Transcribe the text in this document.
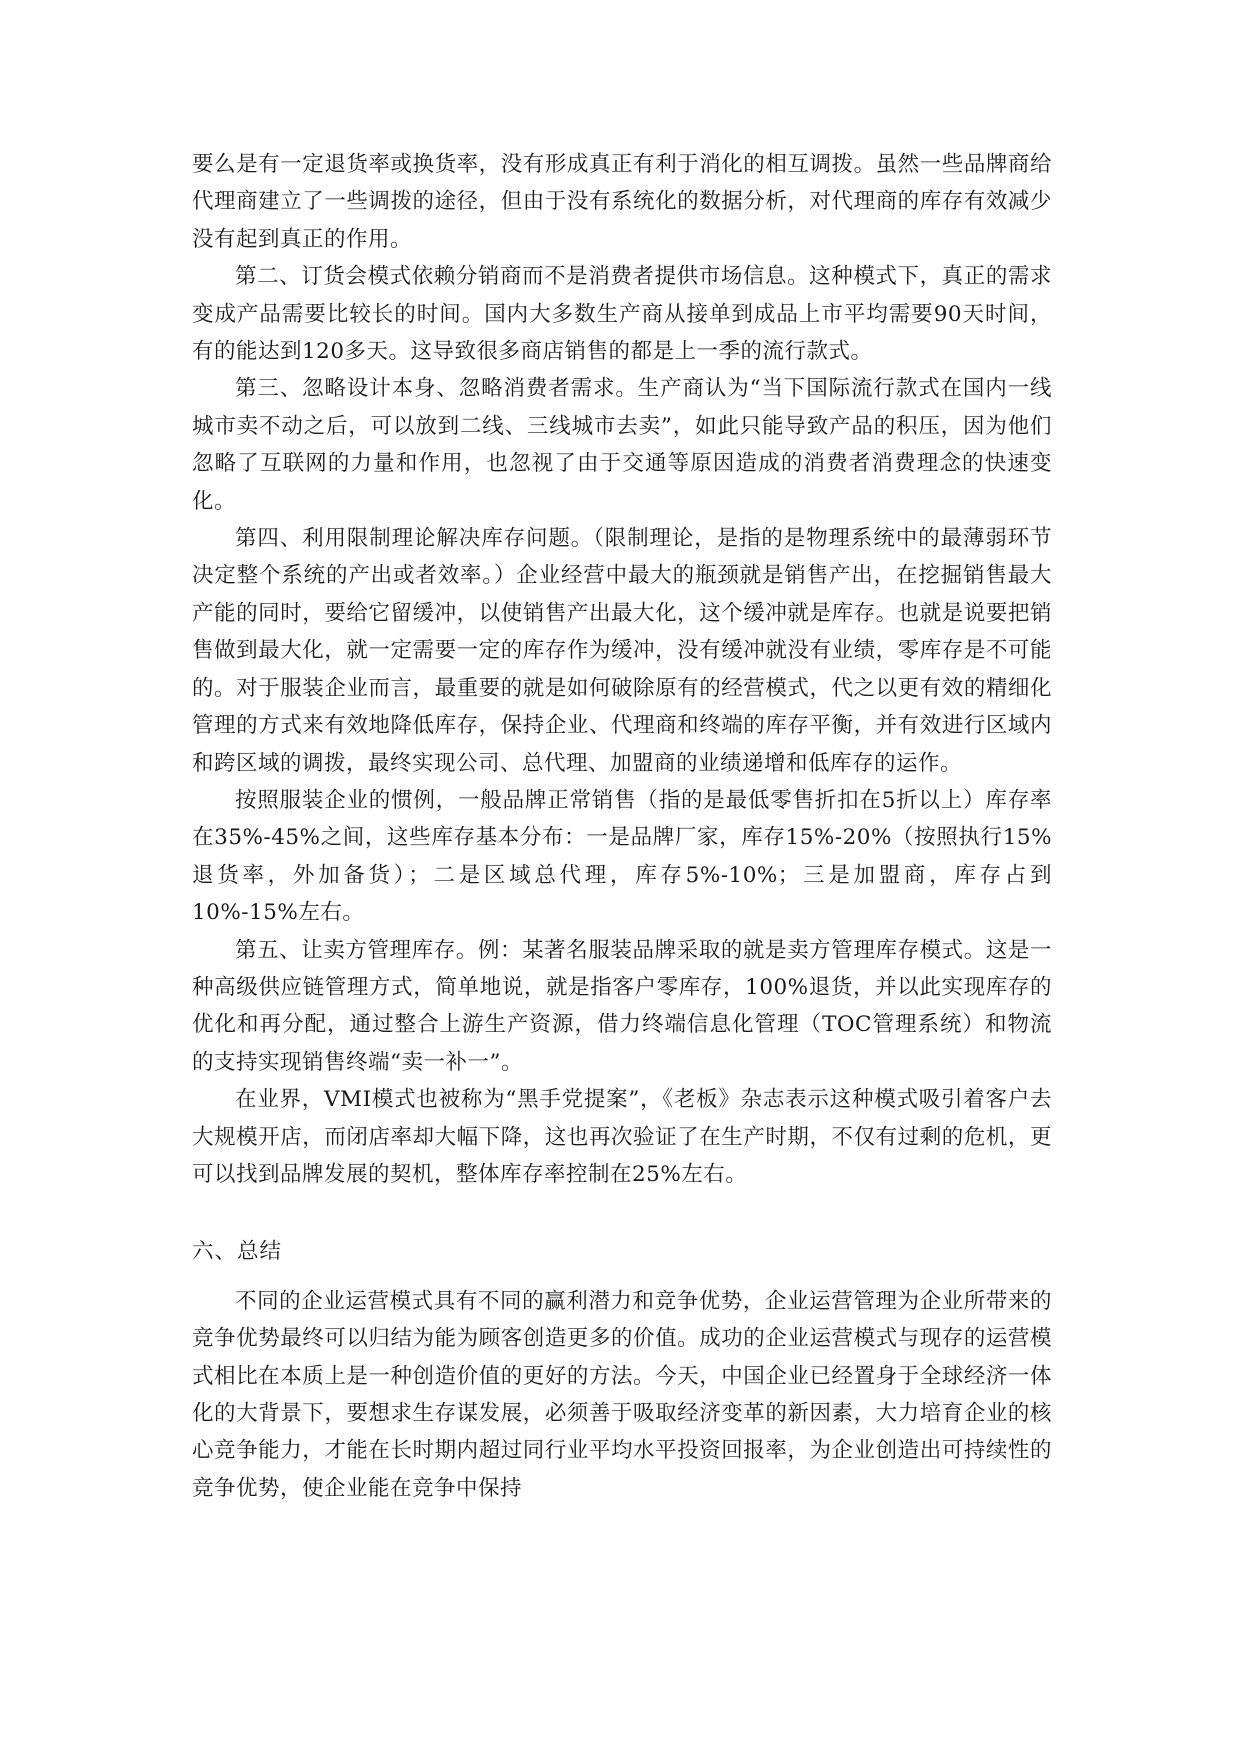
要么是有一定退货率或换货率，没有形成真正有利于消化的相互调拨。虽然一些品牌商给代理商建立了一些调拨的途径，但由于没有系统化的数据分析，对代理商的库存有效减少没有起到真正的作用。

第二、订货会模式依赖分销商而不是消费者提供市场信息。这种模式下，真正的需求变成产品需要比较长的时间。国内大多数生产商从接单到成品上市平均需要90天时间，有的能达到120多天。这导致很多商店销售的都是上一季的流行款式。

第三、忽略设计本身、忽略消费者需求。生产商认为“当下国际流行款式在国内一线城市卖不动之后，可以放到二线、三线城市去卖”，如此只能导致产品的积压，因为他们忽略了互联网的力量和作用，也忽视了由于交通等原因造成的消费者消费理念的快速变化。

第四、利用限制理论解决库存问题。（限制理论，是指的是物理系统中的最薄弱环节决定整个系统的产出或者效率。）企业经营中最大的瓶颈就是销售产出，在挖掘销售最大产能的同时，要给它留缓冲，以使销售产出最大化，这个缓冲就是库存。也就是说要把销售做到最大化，就一定需要一定的库存作为缓冲，没有缓冲就没有业绩，零库存是不可能的。对于服装企业而言，最重要的就是如何破除原有的经营模式，代之以更有效的精细化管理的方式来有效地降低库存，保持企业、代理商和终端的库存平衡，并有效进行区域内和跨区域的调拨，最终实现公司、总代理、加盟商的业绩递增和低库存的运作。

按照服装企业的惯例，一般品牌正常销售（指的是最低零售折扣在5折以上）库存率在35%-45%之间，这些库存基本分布：一是品牌厂家，库存15%-20%（按照执行15%退货率，外加备货）；二是区域总代理，库存5%-10%；三是加盟商，库存占到10%-15%左右。

第五、让卖方管理库存。例：某著名服装品牌采取的就是卖方管理库存模式。这是一种高级供应链管理方式，简单地说，就是指客户零库存，100%退货，并以此实现库存的优化和再分配，通过整合上游生产资源，借力终端信息化管理（TOC管理系统）和物流的支持实现销售终端“卖一补一”。

在业界，VMI模式也被称为“黑手党提案”，《老板》杂志表示这种模式吸引着客户去大规模开店，而闭店率却大幅下降，这也再次验证了在生产时期，不仅有过剩的危机，更可以找到品牌发展的契机，整体库存率控制在25%左右。

六、总结

不同的企业运营模式具有不同的赢利潜力和竞争优势，企业运营管理为企业所带来的竞争优势最终可以归结为能为顾客创造更多的价值。成功的企业运营模式与现存的运营模式相比在本质上是一种创造价值的更好的方法。今天，中国企业已经置身于全球经济一体化的大背景下，要想求生存谋发展，必须善于吸取经济变革的新因素，大力培育企业的核心竞争能力，才能在长时期内超过同行业平均水平投资回报率，为企业创造出可持续性的竞争优势，使企业能在竞争中保持
